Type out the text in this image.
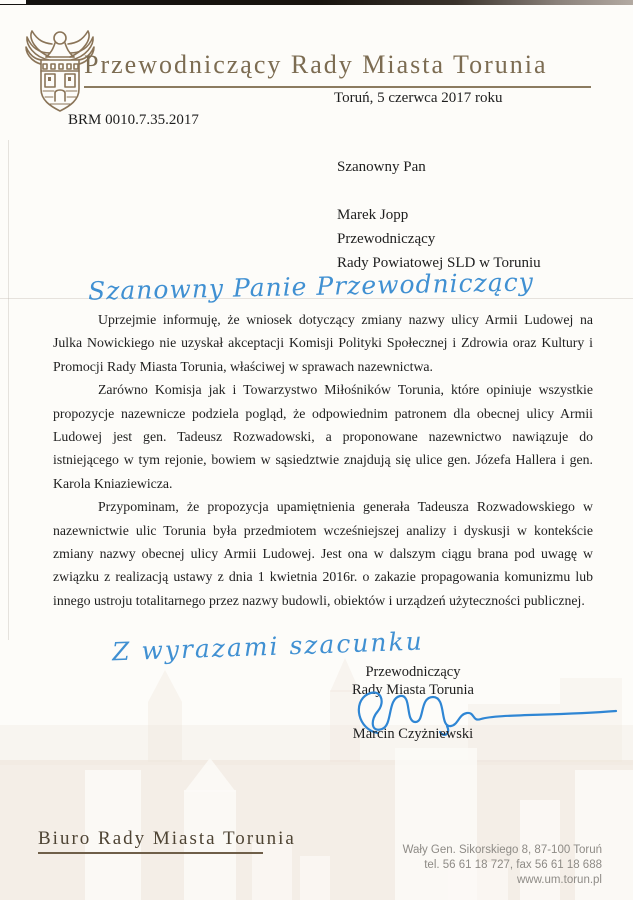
Przewodniczący Rady Miasta Torunia
Toruń, 5 czerwca 2017 roku
BRM 0010.7.35.2017
Szanowny Pan
Marek Jopp
Przewodniczący
Rady Powiatowej SLD w Toruniu
Szanowny Panie Przewodniczący

Uprzejmie informuję, że wniosek dotyczący zmiany nazwy ulicy Armii Ludowej na Julka Nowickiego nie uzyskał akceptacji Komisji Polityki Społecznej i Zdrowia oraz Kultury i Promocji Rady Miasta Torunia, właściwej w sprawach nazewnictwa.

Zarówno Komisja jak i Towarzystwo Miłośników Torunia, które opiniuje wszystkie propozycje nazewnicze podziela pogląd, że odpowiednim patronem dla obecnej ulicy Armii Ludowej jest gen. Tadeusz Rozwadowski, a proponowane nazewnictwo nawiązuje do istniejącego w tym rejonie, bowiem w sąsiedztwie znajdują się ulice gen. Józefa Hallera i gen. Karola Kniaziewicza.

Przypominam, że propozycja upamiętnienia generała Tadeusza Rozwadowskiego w nazewnictwie ulic Torunia była przedmiotem wcześniejszej analizy i dyskusji w kontekście zmiany nazwy obecnej ulicy Armii Ludowej. Jest ona w dalszym ciągu brana pod uwagę w związku z realizacją ustawy z dnia 1 kwietnia 2016r. o zakazie propagowania komunizmu lub innego ustroju totalitarnego przez nazwy budowli, obiektów i urządzeń użyteczności publicznej.

Z wyrazami szacunku
Przewodniczący
Rady Miasta Torunia
Marcin Czyżniewski
Biuro Rady Miasta Torunia
Wały Gen. Sikorskiego 8, 87-100 Toruń
tel. 56 61 18 727, fax 56 61 18 688
www.um.torun.pl
